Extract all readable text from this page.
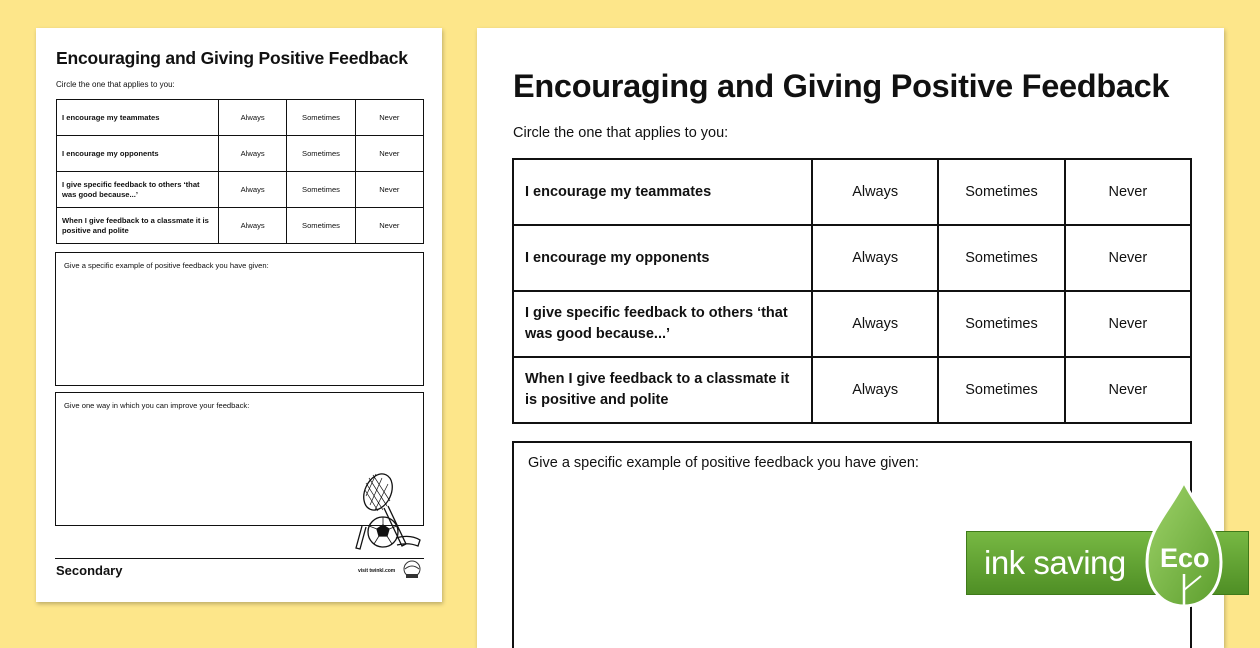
Encouraging and Giving Positive Feedback
Circle the one that applies to you:
I encourage my teammates	Always	Sometimes	Never
I encourage my opponents	Always	Sometimes	Never
I give specific feedback to others ‘that was good because...’	Always	Sometimes	Never
When I give feedback to a classmate it is positive and polite	Always	Sometimes	Never
Give a specific example of positive feedback you have given:
Give one way in which you can improve your feedback:
Secondary	visit twinkl.com
Encouraging and Giving Positive Feedback
Circle the one that applies to you:
I encourage my teammates	Always	Sometimes	Never
I encourage my opponents	Always	Sometimes	Never
I give specific feedback to others ‘that was good because...’	Always	Sometimes	Never
When I give feedback to a classmate it is positive and polite	Always	Sometimes	Never
Give a specific example of positive feedback you have given:
ink saving Eco
